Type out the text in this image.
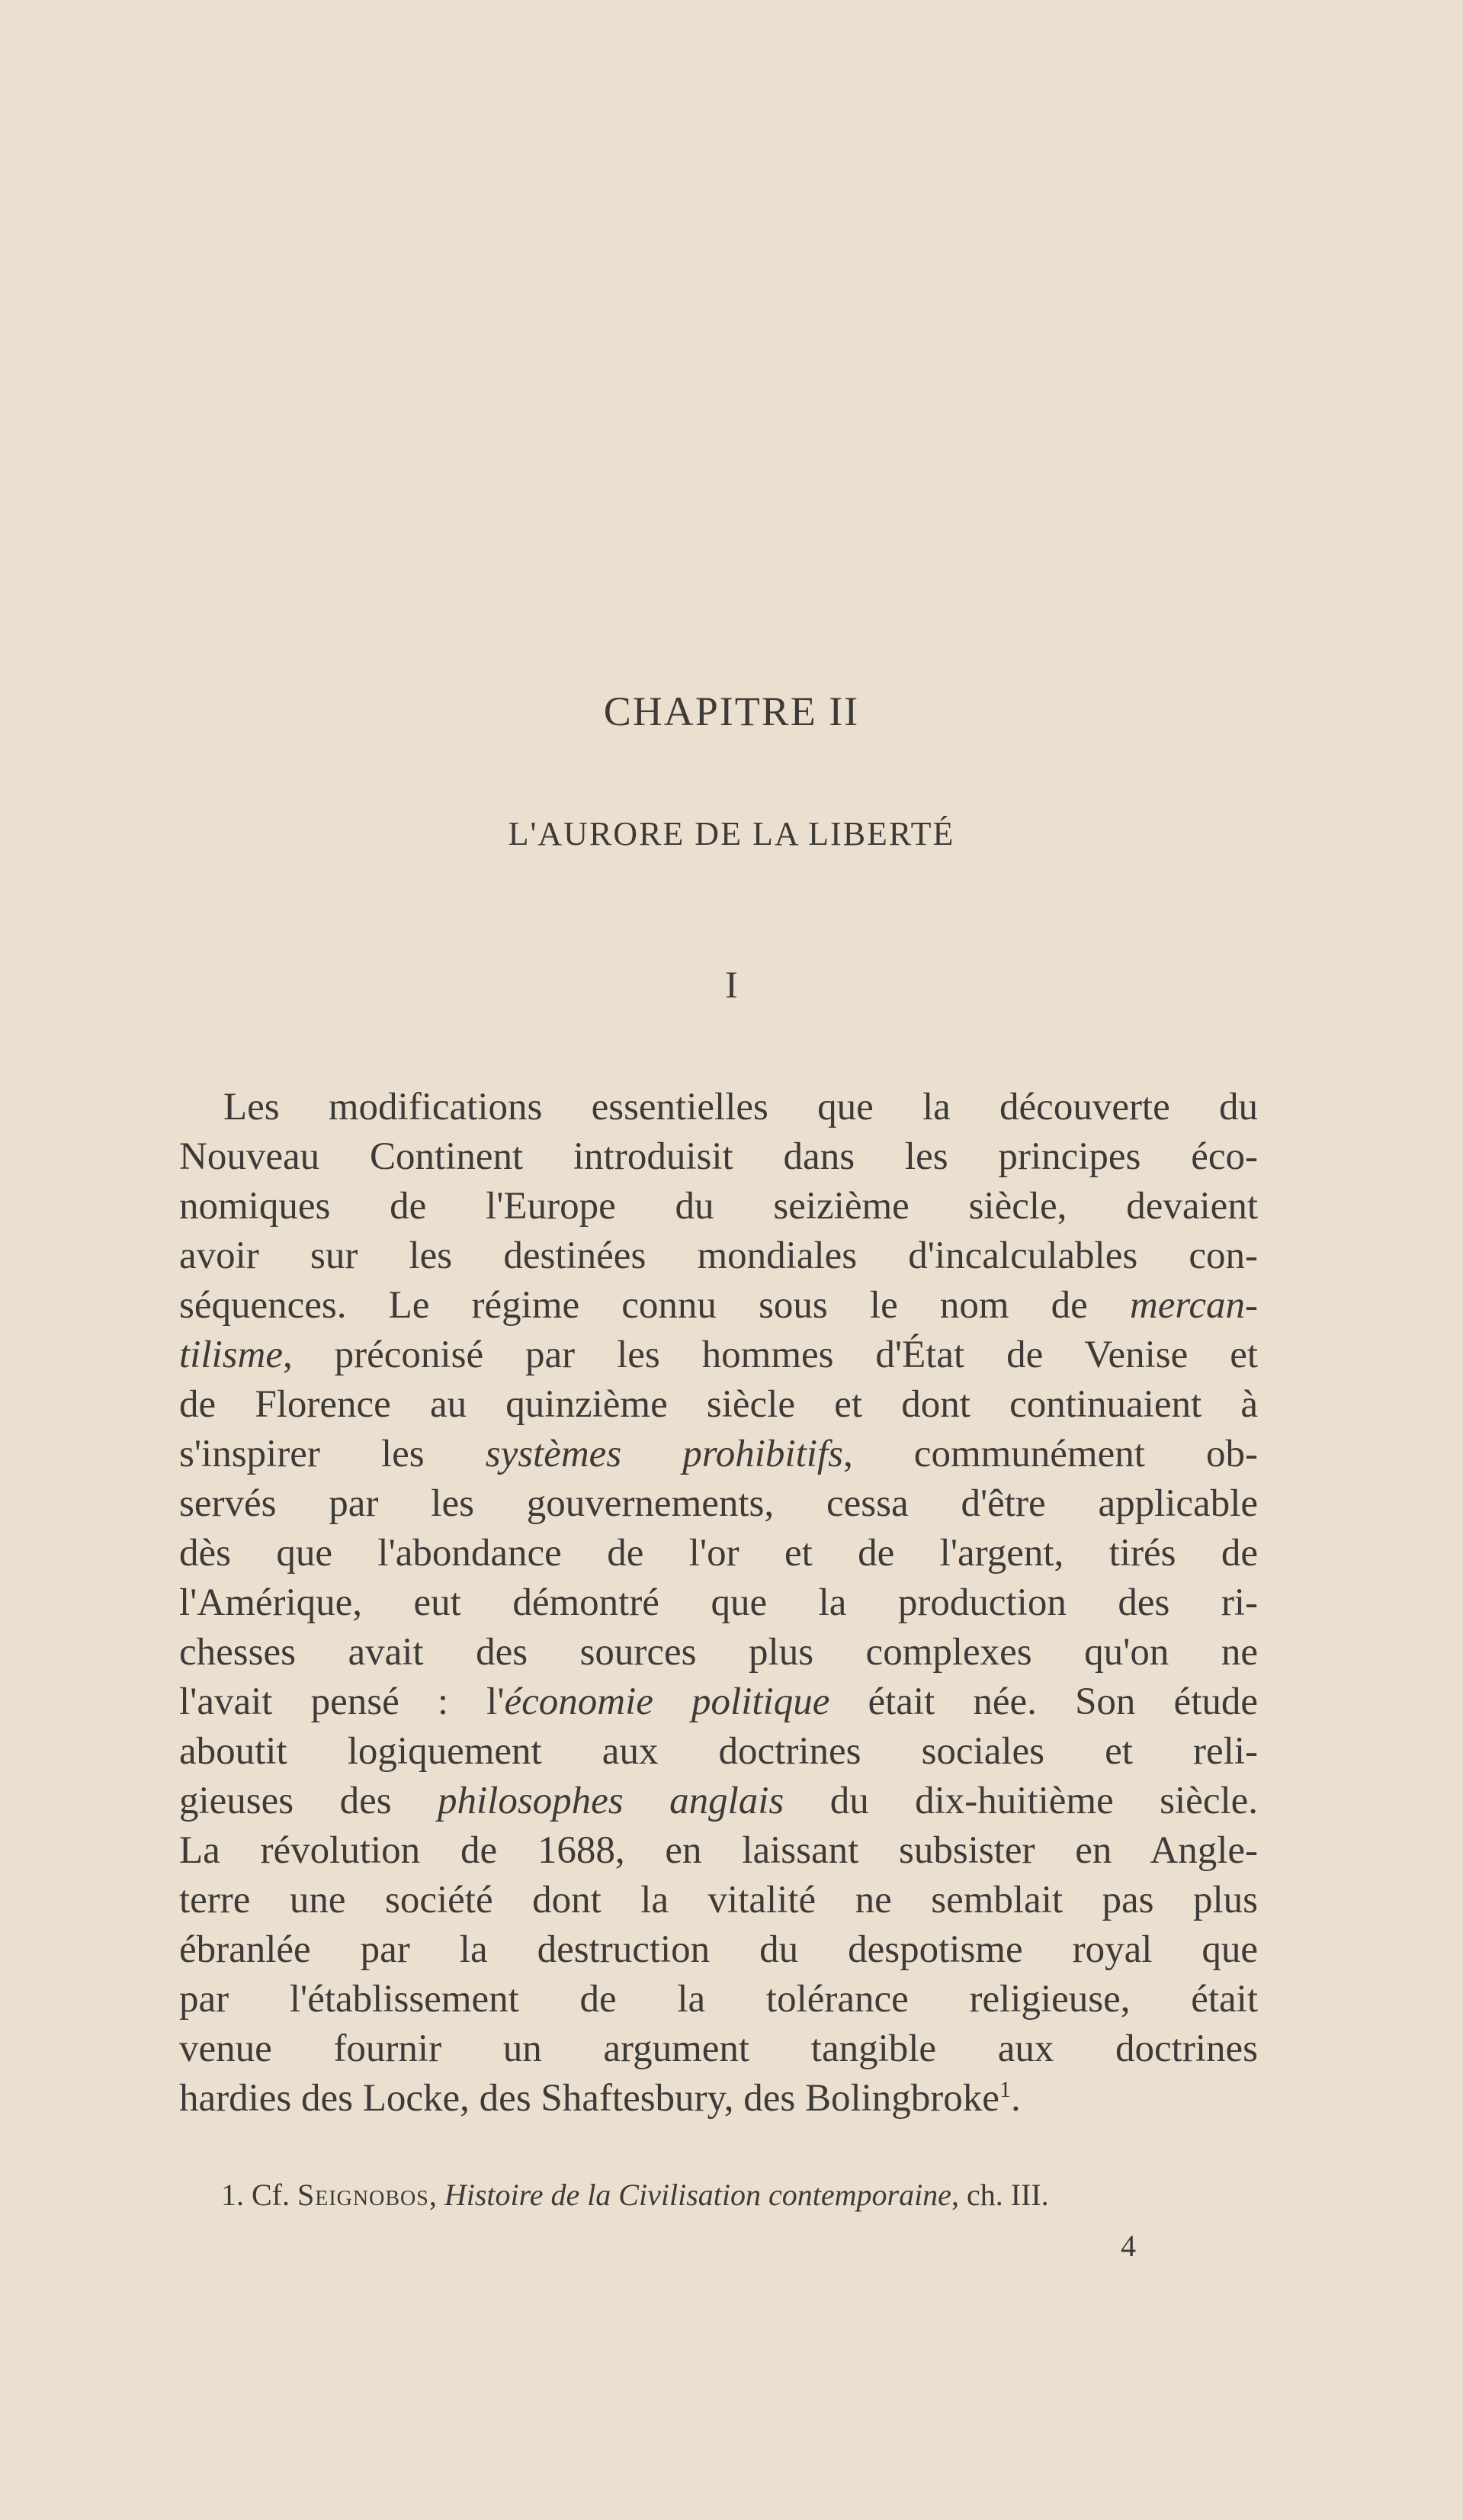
CHAPITRE II
L'AURORE DE LA LIBERTÉ
I
Les modifications essentielles que la découverte du
Nouveau Continent introduisit dans les principes éco-
nomiques de l'Europe du seizième siècle, devaient
avoir sur les destinées mondiales d'incalculables con-
séquences. Le régime connu sous le nom de mercan-
tilisme, préconisé par les hommes d'État de Venise et
de Florence au quinzième siècle et dont continuaient à
s'inspirer les systèmes prohibitifs, communément ob-
servés par les gouvernements, cessa d'être applicable
dès que l'abondance de l'or et de l'argent, tirés de
l'Amérique, eut démontré que la production des ri-
chesses avait des sources plus complexes qu'on ne
l'avait pensé : l'économie politique était née. Son étude
aboutit logiquement aux doctrines sociales et reli-
gieuses des philosophes anglais du dix-huitième siècle.
La révolution de 1688, en laissant subsister en Angle-
terre une société dont la vitalité ne semblait pas plus
ébranlée par la destruction du despotisme royal que
par l'établissement de la tolérance religieuse, était
venue fournir un argument tangible aux doctrines
hardies des Locke, des Shaftesbury, des Bolingbroke$^1$.
1. Cf. Seignobos, Histoire de la Civilisation contemporaine, ch. III.
4
